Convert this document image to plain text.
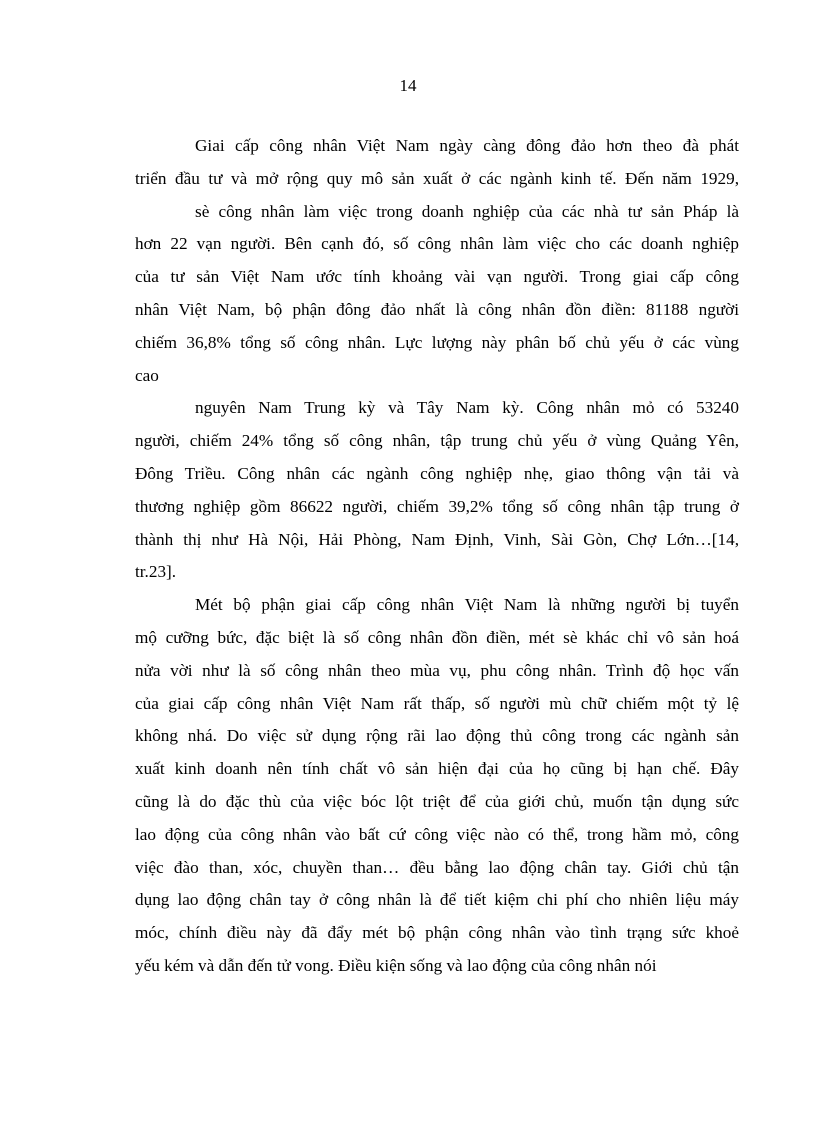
14
Giai cấp công nhân Việt Nam ngày càng đông đảo hơn theo đà phát
triển đầu tư và mở rộng quy mô sản xuất ở các ngành kinh tế. Đến năm 1929,
sè công nhân làm việc trong doanh nghiệp của các nhà tư sản Pháp là
hơn 22 vạn người. Bên cạnh đó, số công nhân làm việc cho các doanh nghiệp
của tư sản Việt Nam ước tính khoảng vài vạn người. Trong giai cấp công
nhân Việt Nam, bộ phận đông đảo nhất là công nhân đồn điền: 81188 người
chiếm 36,8% tổng số công nhân. Lực lượng này phân bố chủ yếu ở các vùng
cao
nguyên Nam Trung kỳ và Tây Nam kỳ. Công nhân mỏ có 53240
người, chiếm 24% tổng số công nhân, tập trung chủ yếu ở vùng Quảng Yên,
Đông Triều. Công nhân các ngành công nghiệp nhẹ, giao thông vận tải và
thương nghiệp gồm 86622 người, chiếm 39,2% tổng số công nhân tập trung ở
thành thị như Hà Nội, Hải Phòng, Nam Định, Vinh, Sài Gòn, Chợ Lớn…[14,
tr.23].
Mét bộ phận giai cấp công nhân Việt Nam là những người bị tuyển
mộ cưỡng bức, đặc biệt là số công nhân đồn điền, mét sè khác chỉ vô sản hoá
nửa vời như là số công nhân theo mùa vụ, phu công nhân. Trình độ học vấn
của giai cấp công nhân Việt Nam rất thấp, số người mù chữ chiếm một tỷ lệ
không nhá. Do việc sử dụng rộng rãi lao động thủ công trong các ngành sản
xuất kinh doanh nên tính chất vô sản hiện đại của họ cũng bị hạn chế. Đây
cũng là do đặc thù của việc bóc lột triệt để của giới chủ, muốn tận dụng sức
lao động của công nhân vào bất cứ công việc nào có thể, trong hầm mỏ, công
việc đào than, xóc, chuyền than… đều bằng lao động chân tay. Giới chủ tận
dụng lao động chân tay ở công nhân là để tiết kiệm chi phí cho nhiên liệu máy
móc, chính điều này đã đẩy mét bộ phận công nhân vào tình trạng sức khoẻ
yếu kém và dẫn đến tử vong. Điều kiện sống và lao động của công nhân nói
